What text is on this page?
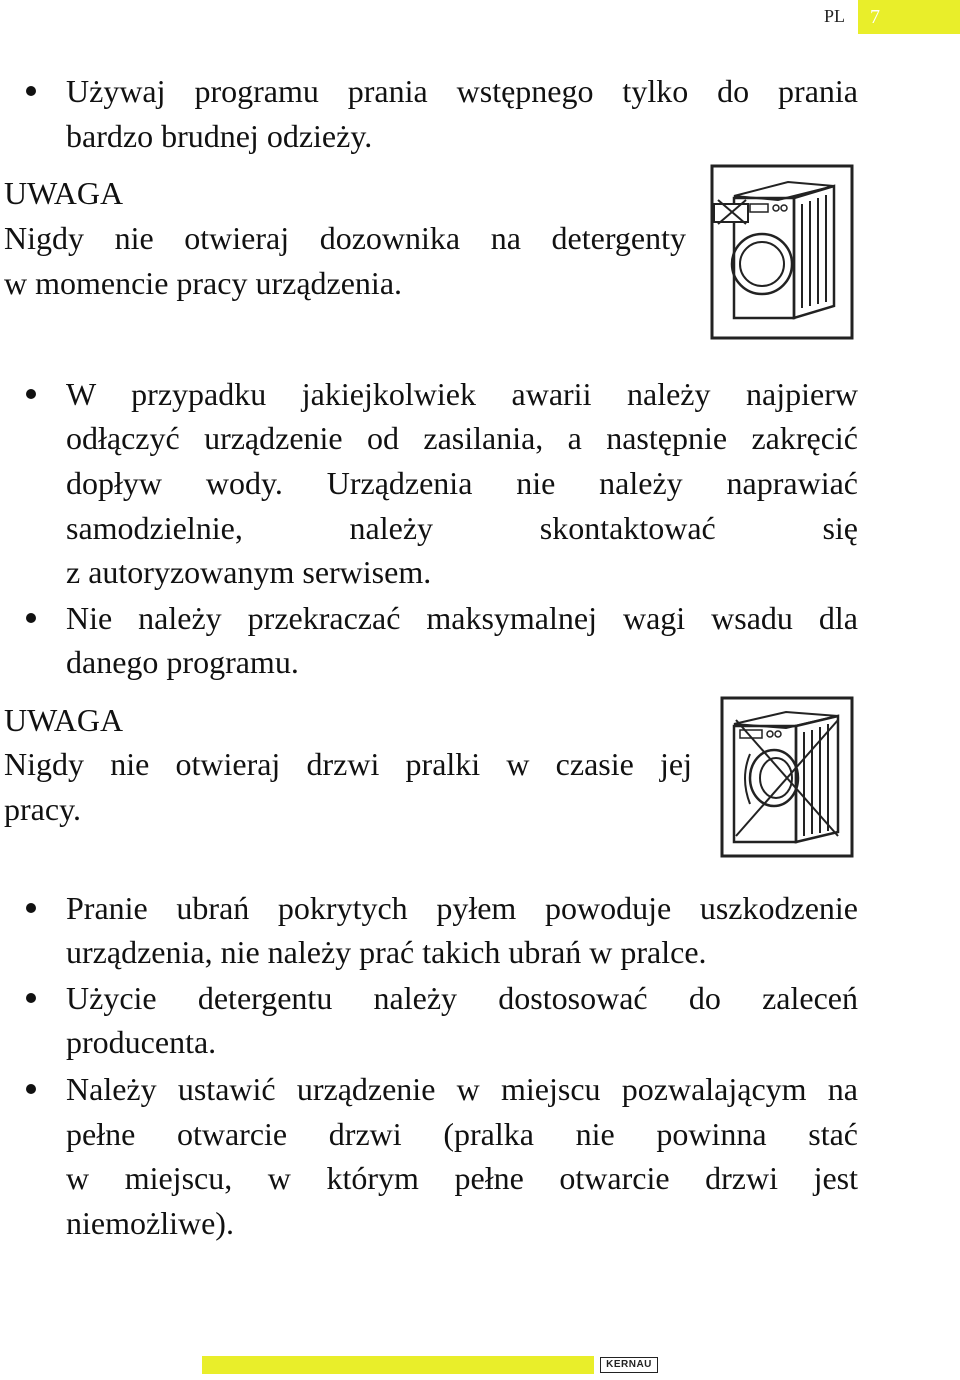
PL	7
Używaj programu prania wstępnego tylko do prania
bardzo brudnej odzieży.
UWAGA
Nigdy nie otwieraj dozownika na detergenty
w momencie pracy urządzenia.
W przypadku jakiejkolwiek awarii należy najpierw
odłączyć urządzenie od zasilania, a następnie zakręcić
dopływ wody. Urządzenia nie należy naprawiać
samodzielnie, należy skontaktować się
z autoryzowanym serwisem.
Nie należy przekraczać maksymalnej wagi wsadu dla
danego programu.
UWAGA
Nigdy nie otwieraj drzwi pralki w czasie jej
pracy.
Pranie ubrań pokrytych pyłem powoduje uszkodzenie
urządzenia, nie należy prać takich ubrań w pralce.
Użycie detergentu należy dostosować do zaleceń
producenta.
Należy ustawić urządzenie w miejscu pozwalającym na
pełne otwarcie drzwi (pralka nie powinna stać
w miejscu, w którym pełne otwarcie drzwi jest
niemożliwe).
KERNAU
